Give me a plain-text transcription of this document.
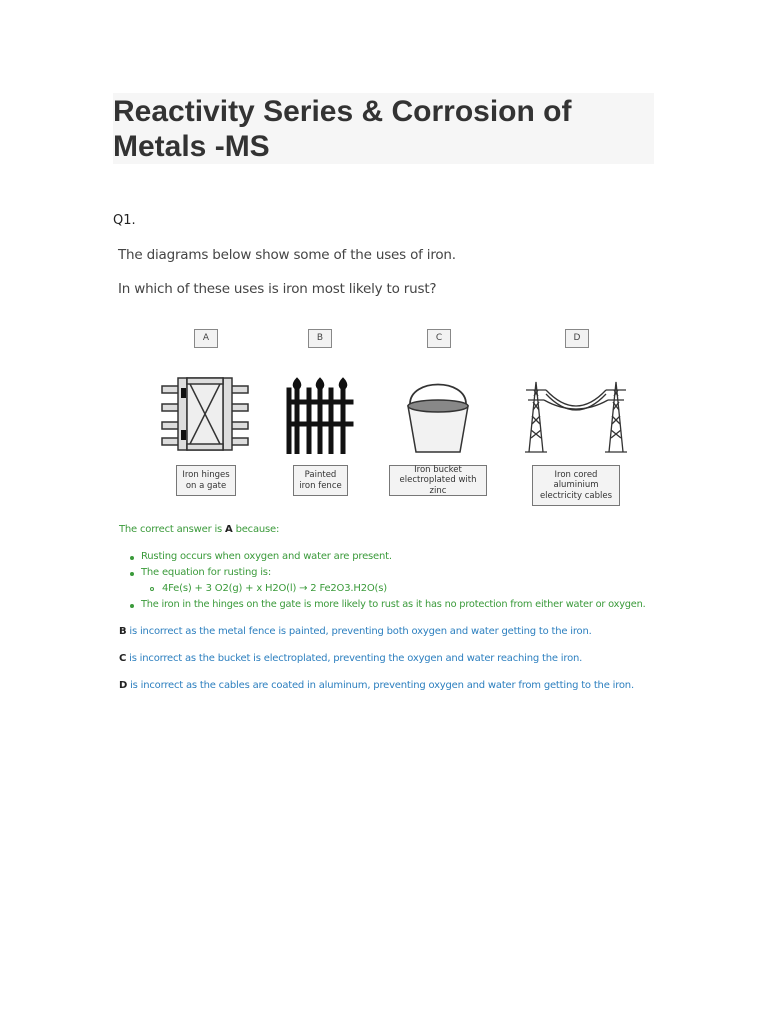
Reactivity Series & Corrosion of Metals -MS
Q1.
The diagrams below show some of the uses of iron.
In which of these uses is iron most likely to rust?
A	B	C	D
Iron hinges on a gate
Painted iron fence
Iron bucket electroplated with zinc
Iron cored aluminium electricity cables
The correct answer is A because:
Rusting occurs when oxygen and water are present.
The equation for rusting is:
4Fe(s) + 3 O2(g) + x H2O(l) → 2 Fe2O3.H2O(s)
The iron in the hinges on the gate is more likely to rust as it has no protection from either water or oxygen.
B is incorrect as the metal fence is painted, preventing both oxygen and water getting to the iron.
C is incorrect as the bucket is electroplated, preventing the oxygen and water reaching the iron.
D is incorrect as the cables are coated in aluminum, preventing oxygen and water from getting to the iron.
